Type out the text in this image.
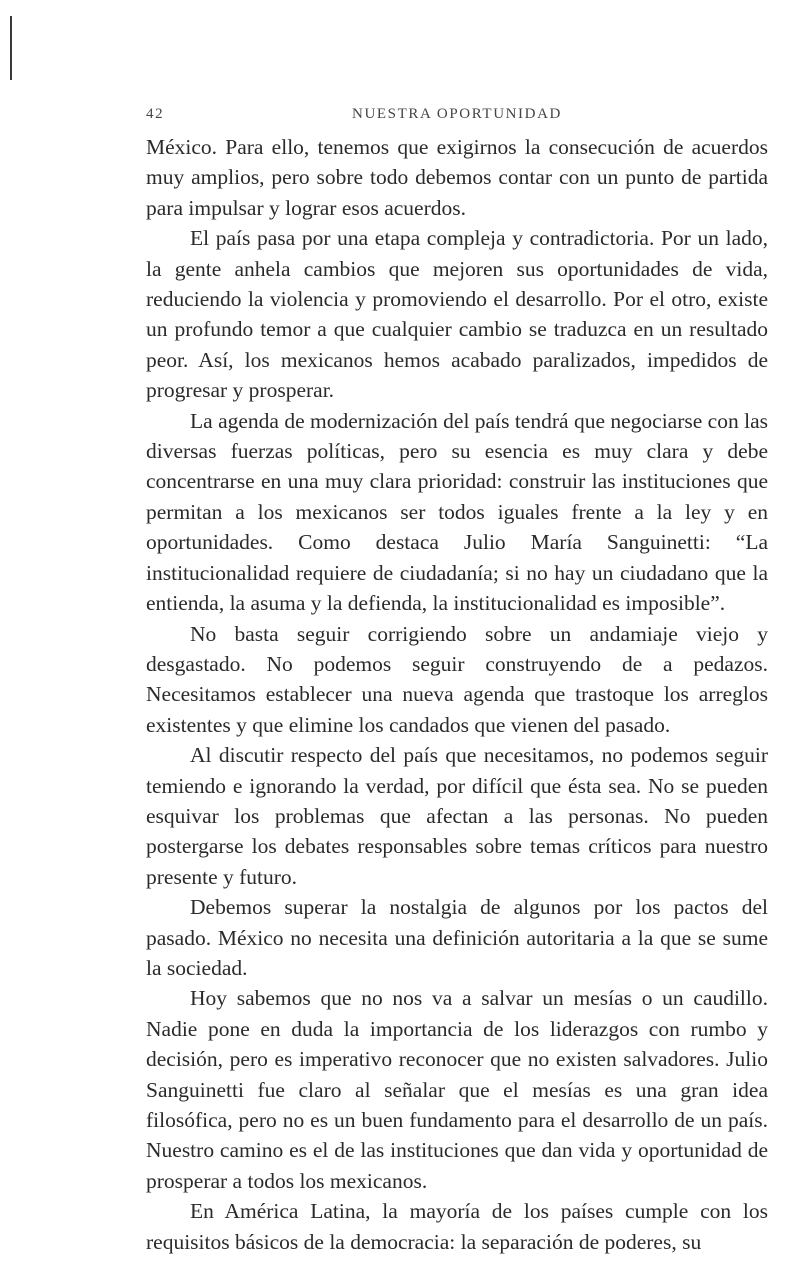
42	NUESTRA OPORTUNIDAD

México. Para ello, tenemos que exigirnos la consecución de acuerdos muy amplios, pero sobre todo debemos contar con un punto de partida para impulsar y lograr esos acuerdos.

El país pasa por una etapa compleja y contradictoria. Por un lado, la gente anhela cambios que mejoren sus oportunidades de vida, reduciendo la violencia y promoviendo el desarrollo. Por el otro, existe un profundo temor a que cualquier cambio se traduzca en un resultado peor. Así, los mexicanos hemos acabado paralizados, impedidos de progresar y prosperar.

La agenda de modernización del país tendrá que negociarse con las diversas fuerzas políticas, pero su esencia es muy clara y debe concentrarse en una muy clara prioridad: construir las instituciones que permitan a los mexicanos ser todos iguales frente a la ley y en oportunidades. Como destaca Julio María Sanguinetti: “La institucionalidad requiere de ciudadanía; si no hay un ciudadano que la entienda, la asuma y la defienda, la institucionalidad es imposible”.

No basta seguir corrigiendo sobre un andamiaje viejo y desgastado. No podemos seguir construyendo de a pedazos. Necesitamos establecer una nueva agenda que trastoque los arreglos existentes y que elimine los candados que vienen del pasado.

Al discutir respecto del país que necesitamos, no podemos seguir temiendo e ignorando la verdad, por difícil que ésta sea. No se pueden esquivar los problemas que afectan a las personas. No pueden postergarse los debates responsables sobre temas críticos para nuestro presente y futuro.

Debemos superar la nostalgia de algunos por los pactos del pasado. México no necesita una definición autoritaria a la que se sume la sociedad.

Hoy sabemos que no nos va a salvar un mesías o un caudillo. Nadie pone en duda la importancia de los liderazgos con rumbo y decisión, pero es imperativo reconocer que no existen salvadores. Julio Sanguinetti fue claro al señalar que el mesías es una gran idea filosófica, pero no es un buen fundamento para el desarrollo de un país. Nuestro camino es el de las instituciones que dan vida y oportunidad de prosperar a todos los mexicanos.

En América Latina, la mayoría de los países cumple con los requisitos básicos de la democracia: la separación de poderes, su
